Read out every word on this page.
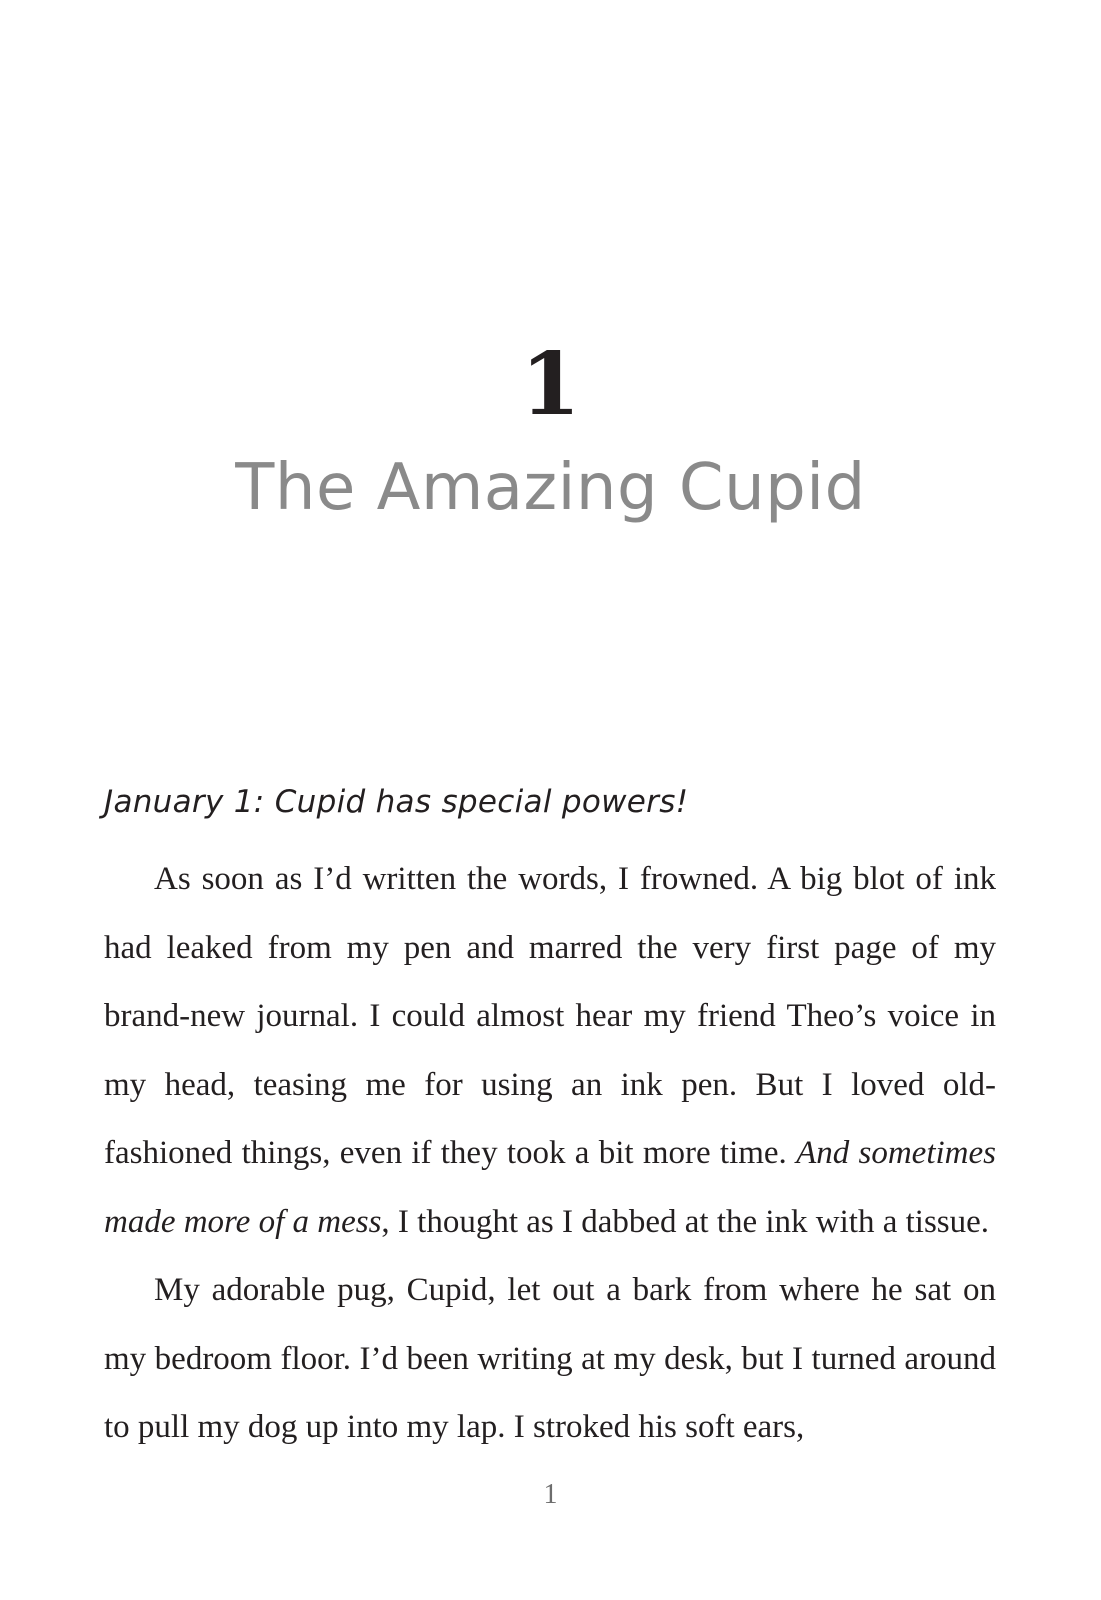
1
The Amazing Cupid
January 1: Cupid has special powers!

As soon as I’d written the words, I frowned. A big blot of ink had leaked from my pen and marred the very first page of my brand-new journal. I could almost hear my friend Theo’s voice in my head, teasing me for using an ink pen. But I loved old-fashioned things, even if they took a bit more time. And sometimes made more of a mess, I thought as I dabbed at the ink with a tissue.

My adorable pug, Cupid, let out a bark from where he sat on my bedroom floor. I’d been writing at my desk, but I turned around to pull my dog up into my lap. I stroked his soft ears,

1
